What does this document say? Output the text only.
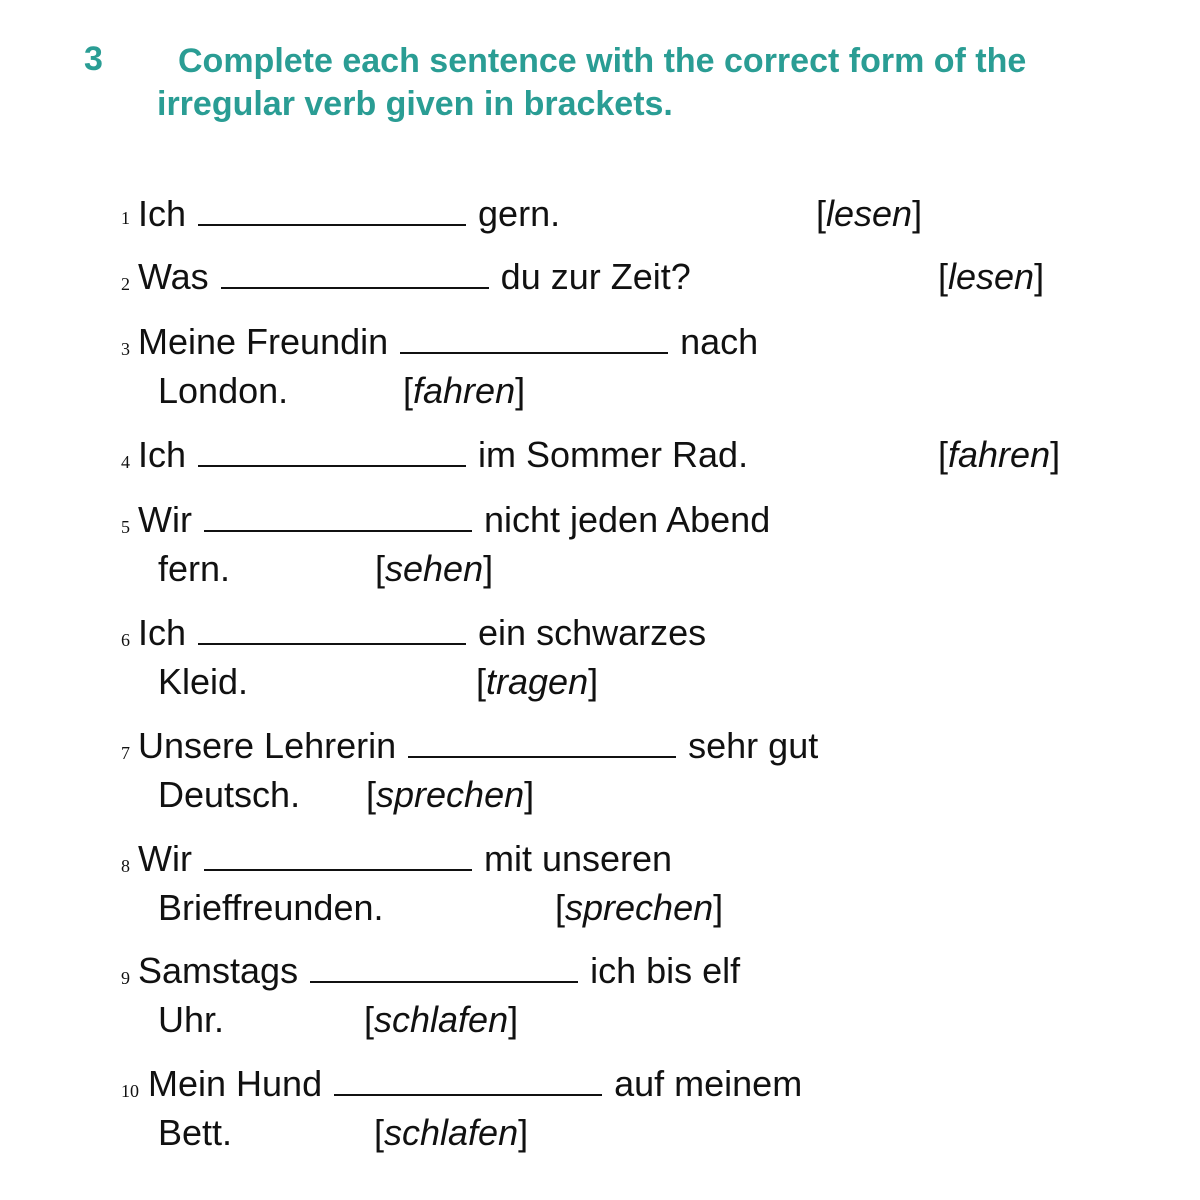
3	Complete each sentence with the correct form of the irregular verb given in brackets.
1 Ich	gern.	[lesen]
2 Was	du zur Zeit?	[lesen]
3 Meine Freundin	nach
London.	[fahren]
4 Ich	im Sommer Rad.	[fahren]
5 Wir	nicht jeden Abend
fern.	[sehen]
6 Ich	ein schwarzes
Kleid.	[tragen]
7 Unsere Lehrerin	sehr gut
Deutsch. [sprechen]
8 Wir	mit unseren
Brieffreunden.	[sprechen]
9 Samstags	ich bis elf
Uhr.	[schlafen]
10 Mein Hund	auf meinem
Bett.	[schlafen]
